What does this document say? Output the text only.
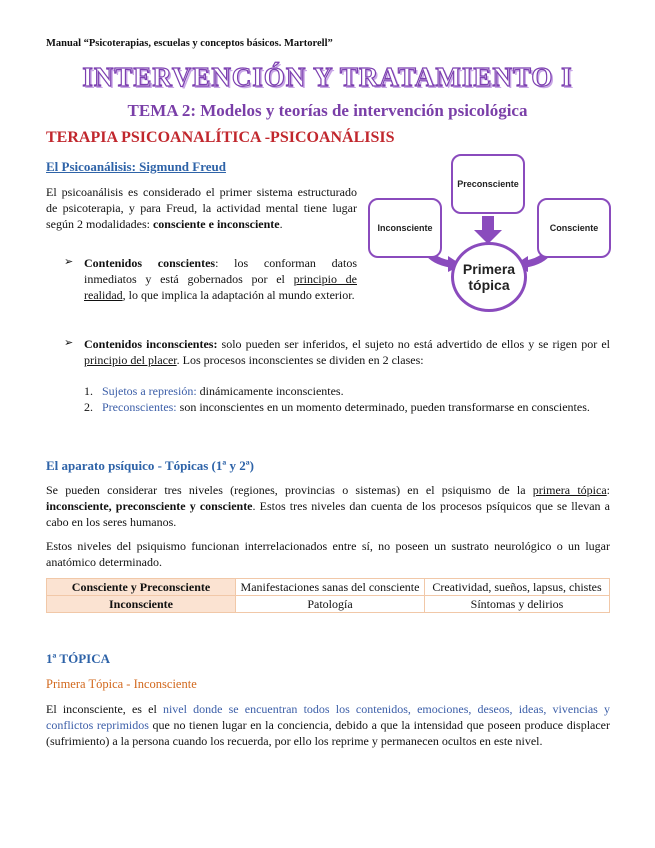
Manual “Psicoterapias, escuelas y conceptos básicos. Martorell”
INTERVENCIÓN Y TRATAMIENTO I
TEMA 2: Modelos y teorías de intervención psicológica
TERAPIA PSICOANALÍTICA -PSICOANÁLISIS
El Psicoanálisis: Sigmund Freud

El psicoanálisis es considerado el primer sistema estructurado de psicoterapia, y para Freud, la actividad mental tiene lugar según 2 modalidades: consciente e inconsciente.

➢ Contenidos conscientes: los conforman datos inmediatos y está gobernados por el principio de realidad, lo que implica la adaptación al mundo exterior.

Preconsciente
Inconsciente	Consciente
Primera tópica
➢ Contenidos inconscientes: solo pueden ser inferidos, el sujeto no está advertido de ellos y se rigen por el principio del placer. Los procesos inconscientes se dividen en 2 clases:

1. Sujetos a represión: dinámicamente inconscientes.
2. Preconscientes: son inconscientes en un momento determinado, pueden transformarse en conscientes.
El aparato psíquico - Tópicas (1ª y 2ª)

Se pueden considerar tres niveles (regiones, provincias o sistemas) en el psiquismo de la primera tópica: inconsciente, preconsciente y consciente. Estos tres niveles dan cuenta de los procesos psíquicos que se llevan a cabo en los seres humanos.

Estos niveles del psiquismo funcionan interrelacionados entre sí, no poseen un sustrato neurológico o un lugar anatómico determinado.

Consciente y Preconsciente	Manifestaciones sanas del consciente	Creatividad, sueños, lapsus, chistes
Inconsciente	Patología	Síntomas y delirios
1ª TÓPICA
Primera Tópica - Inconsciente

El inconsciente, es el nivel donde se encuentran todos los contenidos, emociones, deseos, ideas, vivencias y conflictos reprimidos que no tienen lugar en la conciencia, debido a que la intensidad que poseen produce displacer (sufrimiento) a la persona cuando los recuerda, por ello los reprime y permanecen ocultos en este nivel.
